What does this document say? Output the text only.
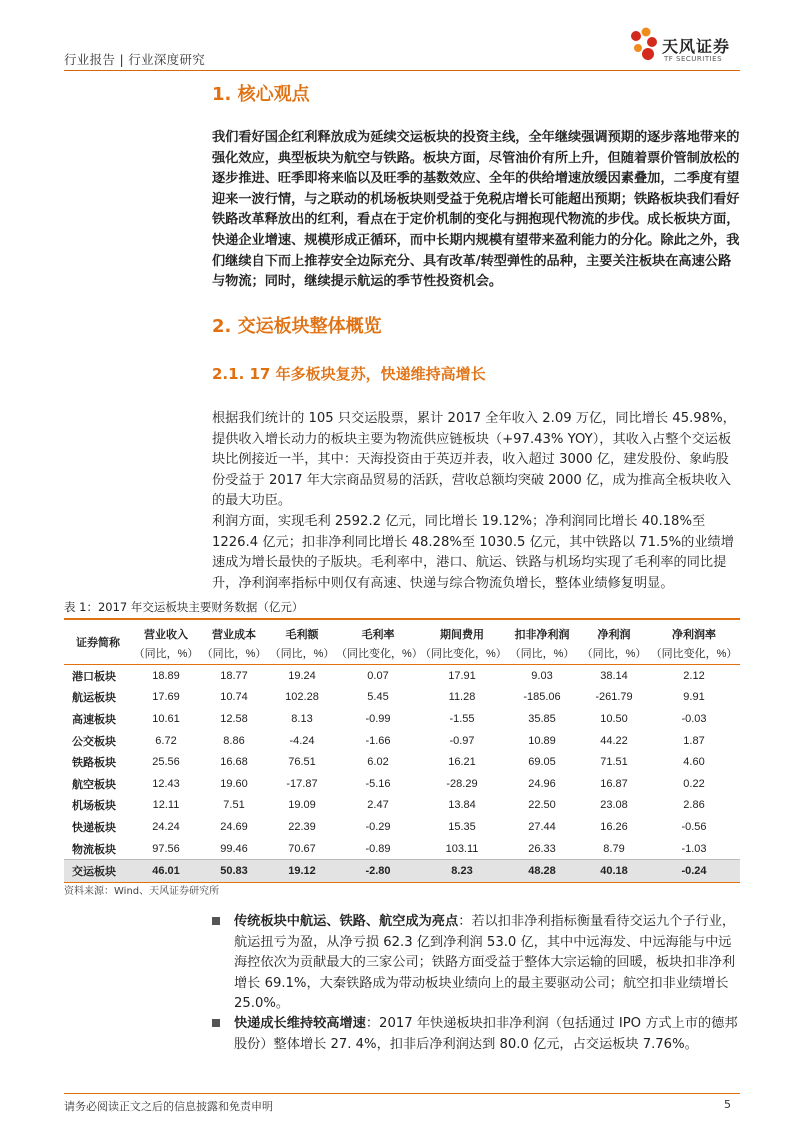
行业报告 | 行业深度研究
天风证券
TF SECURITIES
1. 核心观点
我们看好国企红利释放成为延续交运板块的投资主线，全年继续强调预期的逐步落地带来的强化效应，典型板块为航空与铁路。板块方面，尽管油价有所上升，但随着票价管制放松的逐步推进、旺季即将来临以及旺季的基数效应、全年的供给增速放缓因素叠加，二季度有望迎来一波行情，与之联动的机场板块则受益于免税店增长可能超出预期；铁路板块我们看好铁路改革释放出的红利，看点在于定价机制的变化与拥抱现代物流的步伐。成长板块方面，快递企业增速、规模形成正循环，而中长期内规模有望带来盈利能力的分化。除此之外，我们继续自下而上推荐安全边际充分、具有改革/转型弹性的品种，主要关注板块在高速公路与物流；同时，继续提示航运的季节性投资机会。
2. 交运板块整体概览
2.1. 17 年多板块复苏，快递维持高增长

根据我们统计的 105 只交运股票，累计 2017 全年收入 2.09 万亿，同比增长 45.98%，提供收入增长动力的板块主要为物流供应链板块（+97.43% YOY），其收入占整个交运板块比例接近一半，其中：天海投资由于英迈并表，收入超过 3000 亿，建发股份、象屿股份受益于 2017 年大宗商品贸易的活跃，营收总额均突破 2000 亿，成为推高全板块收入的最大功臣。

利润方面，实现毛利 2592.2 亿元，同比增长 19.12%；净利润同比增长 40.18%至 1226.4 亿元；扣非净利同比增长 48.28%至 1030.5 亿元，其中铁路以 71.5%的业绩增速成为增长最快的子版块。毛利率中，港口、航运、铁路与机场均实现了毛利率的同比提升，净利润率指标中则仅有高速、快递与综合物流负增长，整体业绩修复明显。

表 1：2017 年交运板块主要财务数据（亿元）
证券简称	营业收入	营业成本	毛利额	毛利率	期间费用	扣非净利润	净利润	净利润率
	（同比，%）	（同比，%）	（同比，%）	（同比变化，%）	（同比变化，%）	（同比，%）	（同比，%）	（同比变化，%）
港口板块	18.89	18.77	19.24	0.07	17.91	9.03	38.14	2.12
航运板块	17.69	10.74	102.28	5.45	11.28	-185.06	-261.79	9.91
高速板块	10.61	12.58	8.13	-0.99	-1.55	35.85	10.50	-0.03
公交板块	6.72	8.86	-4.24	-1.66	-0.97	10.89	44.22	1.87
铁路板块	25.56	16.68	76.51	6.02	16.21	69.05	71.51	4.60
航空板块	12.43	19.60	-17.87	-5.16	-28.29	24.96	16.87	0.22
机场板块	12.11	7.51	19.09	2.47	13.84	22.50	23.08	2.86
快递板块	24.24	24.69	22.39	-0.29	15.35	27.44	16.26	-0.56
物流板块	97.56	99.46	70.67	-0.89	103.11	26.33	8.79	-1.03
交运板块	46.01	50.83	19.12	-2.80	8.23	48.28	40.18	-0.24
资料来源：Wind、天风证券研究所
传统板块中航运、铁路、航空成为亮点：若以扣非净利指标衡量看待交运九个子行业，航运扭亏为盈，从净亏损 62.3 亿到净利润 53.0 亿，其中中远海发、中远海能与中远海控依次为贡献最大的三家公司；铁路方面受益于整体大宗运输的回暖，板块扣非净利增长 69.1%，大秦铁路成为带动板块业绩向上的最主要驱动公司；航空扣非业绩增长 25.0%。
快递成长维持较高增速：2017 年快递板块扣非净利润（包括通过 IPO 方式上市的德邦股份）整体增长 27. 4%，扣非后净利润达到 80.0 亿元，占交运板块 7.76%。
请务必阅读正文之后的信息披露和免责申明	5
